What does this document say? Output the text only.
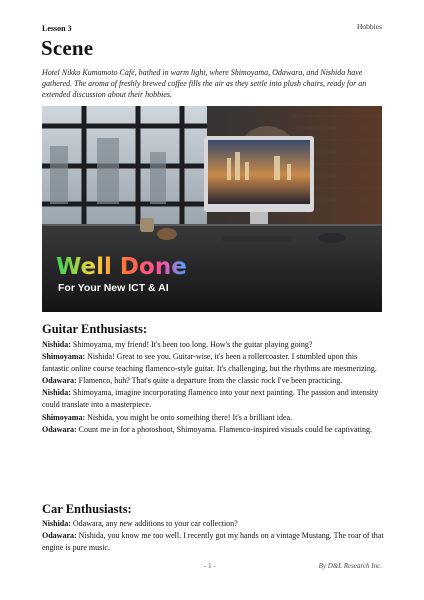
Lesson 3	Hobbies
Scene
Hotel Nikko Kumamoto Café, bathed in warm light, where Shimoyama, Odawara, and Nishida have gathered. The aroma of freshly brewed coffee fills the air as they settle into plush chairs, ready for an extended discussion about their hobbies.
Well Done
For Your New ICT & AI
Guitar Enthusiasts:

Nishida: Shimoyama, my friend! It's been too long. How's the guitar playing going?

Shimoyama: Nishida! Great to see you. Guitar-wise, it's been a rollercoaster. I stumbled upon this fantastic online course teaching flamenco-style guitar. It's challenging, but the rhythms are mesmerizing.

Odawara: Flamenco, huh? That's quite a departure from the classic rock I've been practicing.

Nishida: Shimoyama, imagine incorporating flamenco into your next painting. The passion and intensity could translate into a masterpiece.

Shimoyama: Nishida, you might be onto something there! It's a brilliant idea.

Odawara: Count me in for a photoshoot, Shimoyama. Flamenco-inspired visuals could be captivating.

Car Enthusiasts:

Nishida: Odawara, any new additions to your car collection?

Odawara: Nishida, you know me too well. I recently got my hands on a vintage Mustang. The roar of that engine is pure music.

- 1 -	By D&L Research Inc.
